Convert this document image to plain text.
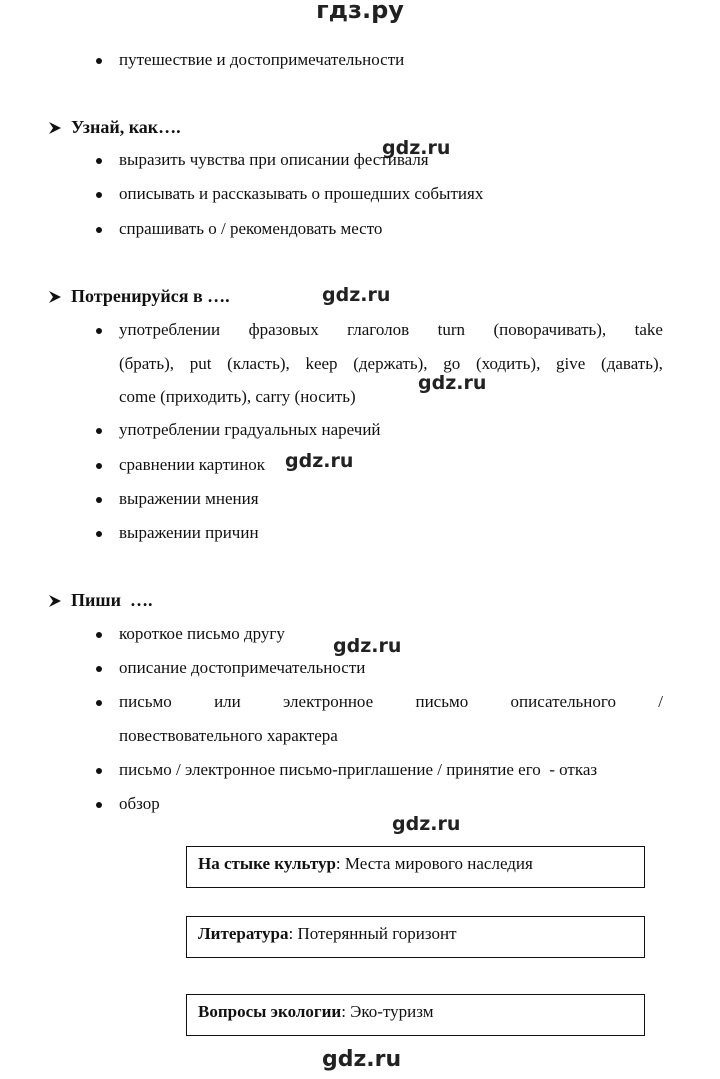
гдз.ру
gdz.ru
gdz.ru
gdz.ru
gdz.ru
gdz.ru
gdz.ru
gdz.ru
путешествие и достопримечательности
Узнай, как….
выразить чувства при описании фестиваля
описывать и рассказывать о прошедших событиях
спрашивать о / рекомендовать место
Потренируйся в ….
употреблении фразовых глаголов turn (поворачивать), take
(брать), put (класть), keep (держать), go (ходить), give (давать),
come (приходить), carry (носить)
употреблении градуальных наречий
сравнении картинок
выражении мнения
выражении причин
Пиши  ….
короткое письмо другу
описание достопримечательности
письмо или электронное письмо описательного /
повествовательного характера
письмо / электронное письмо-приглашение / принятие его  - отказ
обзор
На стыке культур: Места мирового наследия
Литература: Потерянный горизонт
Вопросы экологии: Эко-туризм
